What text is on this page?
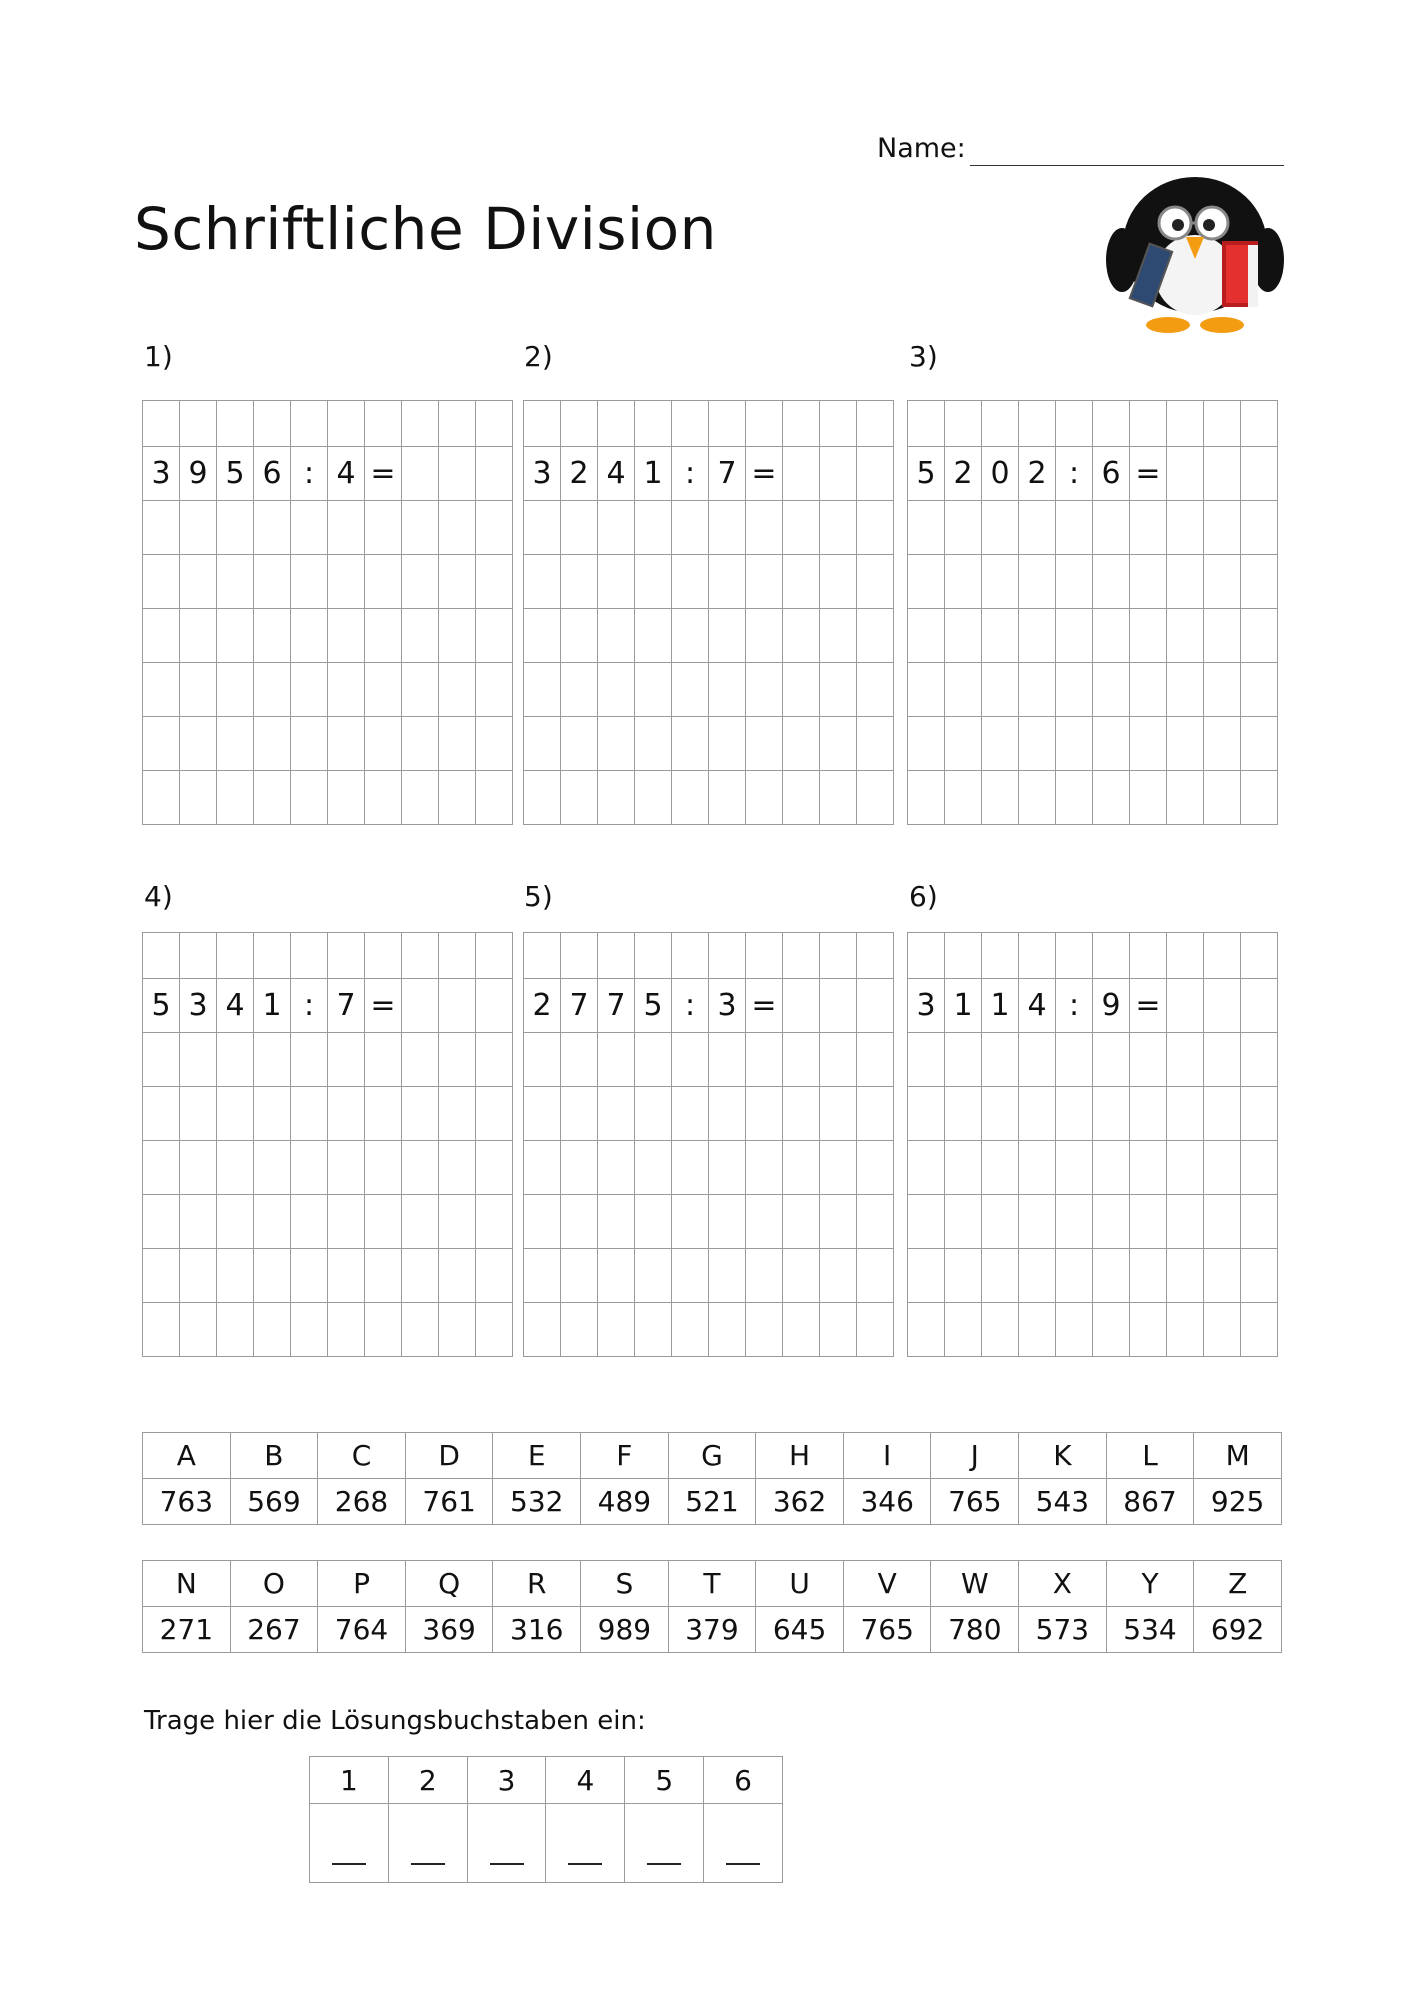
Name:
Schriftliche Division
1)	2)	3)
4)	5)	6)

3	9	5	6	:	4	=			

										3	2	4	1	:	7	=			

										5	2	0	2	:	6	=			

5	3	4	1	:	7	=			

										2	7	7	5	:	3	=			

										3	1	1	4	:	9	=			

A	B	C	D	E	F	G	H	I	J	K	L	M
763	569	268	761	532	489	521	362	346	765	543	867	925
N	O	P	Q	R	S	T	U	V	W	X	Y	Z
271	267	764	369	316	989	379	645	765	780	573	534	692
Trage hier die Lösungsbuchstaben ein:
1	2	3	4	5	6
